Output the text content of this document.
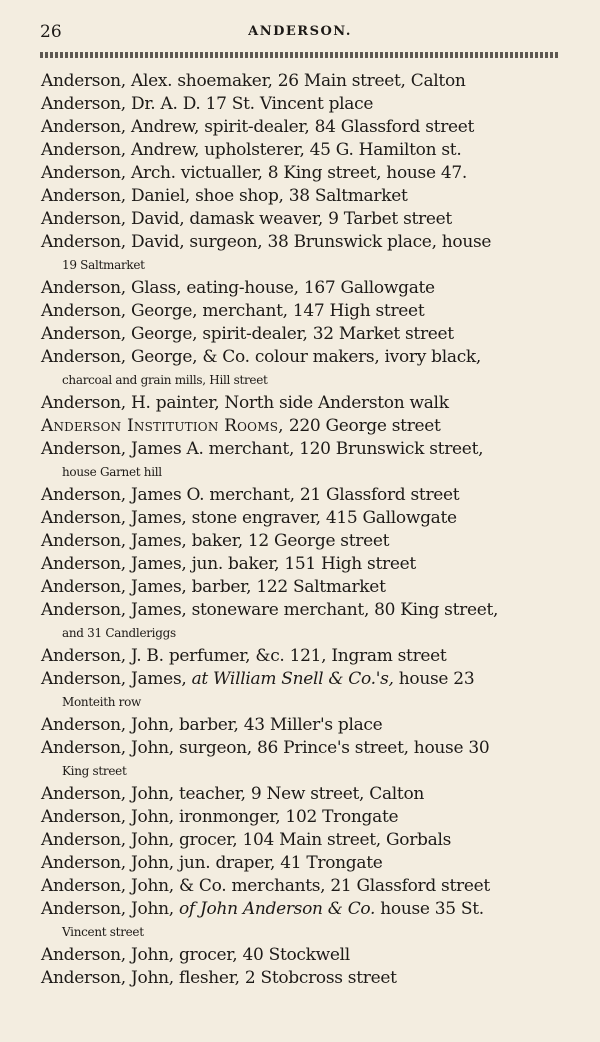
26	ANDERSON.
Anderson, Alex. shoemaker, 26 Main street, Calton
Anderson, Dr. A. D. 17 St. Vincent place
Anderson, Andrew, spirit-dealer, 84 Glassford street
Anderson, Andrew, upholsterer, 45 G. Hamilton st.
Anderson, Arch. victualler, 8 King street, house 47.
Anderson, Daniel, shoe shop, 38 Saltmarket
Anderson, David, damask weaver, 9 Tarbet street
Anderson, David, surgeon, 38 Brunswick place, house
19 Saltmarket
Anderson, Glass, eating-house, 167 Gallowgate
Anderson, George, merchant, 147 High street
Anderson, George, spirit-dealer, 32 Market street
Anderson, George, & Co. colour makers, ivory black,
charcoal and grain mills, Hill street
Anderson, H. painter, North side Anderston walk
Anderson Institution Rooms, 220 George street
Anderson, James A. merchant, 120 Brunswick street,
house Garnet hill
Anderson, James O. merchant, 21 Glassford street
Anderson, James, stone engraver, 415 Gallowgate
Anderson, James, baker, 12 George street
Anderson, James, jun. baker, 151 High street
Anderson, James, barber, 122 Saltmarket
Anderson, James, stoneware merchant, 80 King street,
and 31 Candleriggs
Anderson, J. B. perfumer, &c. 121, Ingram street
Anderson, James, at William Snell & Co.'s, house 23
Monteith row
Anderson, John, barber, 43 Miller's place
Anderson, John, surgeon, 86 Prince's street, house 30
King street
Anderson, John, teacher, 9 New street, Calton
Anderson, John, ironmonger, 102 Trongate
Anderson, John, grocer, 104 Main street, Gorbals
Anderson, John, jun. draper, 41 Trongate
Anderson, John, & Co. merchants, 21 Glassford street
Anderson, John, of John Anderson & Co. house 35 St.
Vincent street
Anderson, John, grocer, 40 Stockwell
Anderson, John, flesher, 2 Stobcross street
